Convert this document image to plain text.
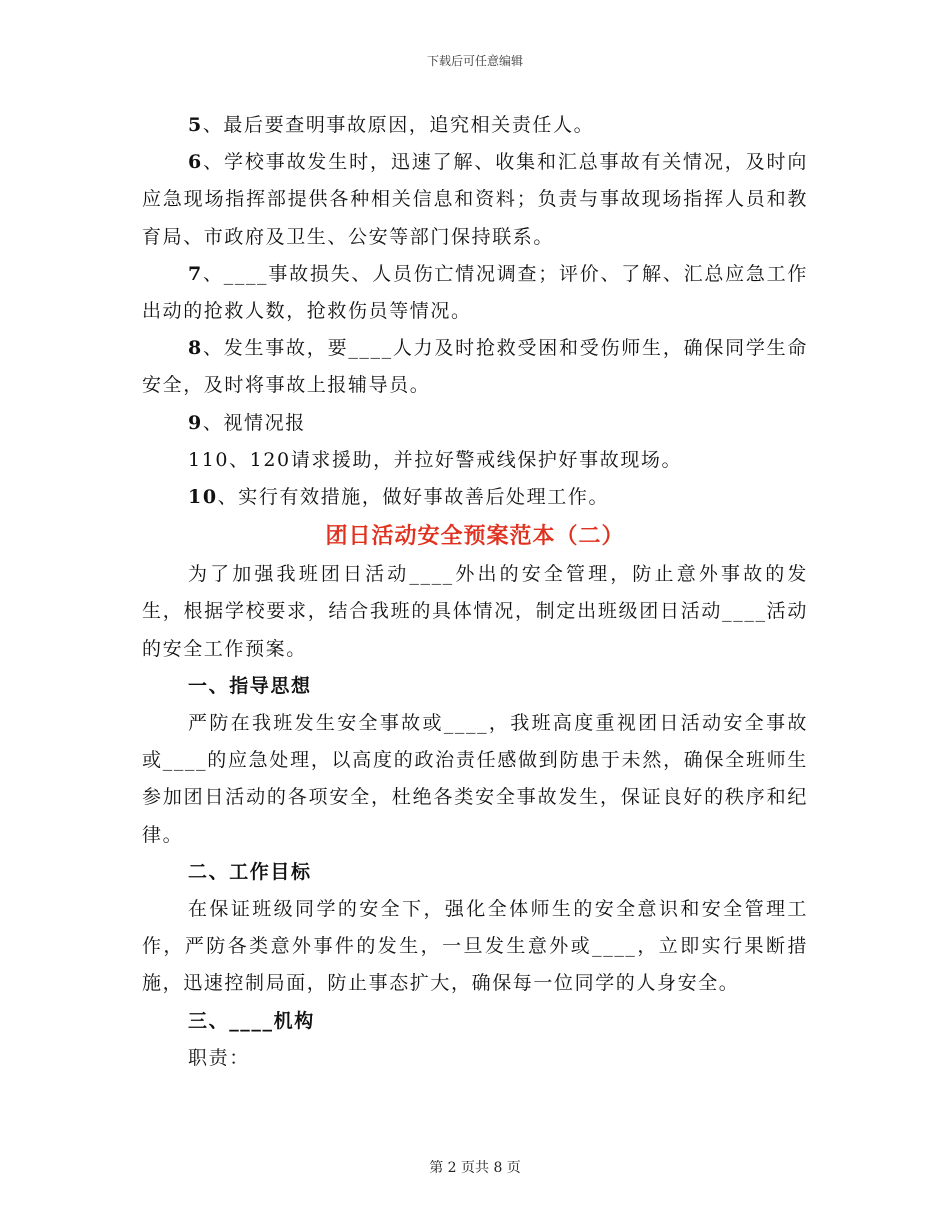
下载后可任意编辑

5、最后要查明事故原因，追究相关责任人。

6、学校事故发生时，迅速了解、收集和汇总事故有关情况，及时向应急现场指挥部提供各种相关信息和资料；负责与事故现场指挥人员和教育局、市政府及卫生、公安等部门保持联系。

7、____事故损失、人员伤亡情况调查；评价、了解、汇总应急工作出动的抢救人数，抢救伤员等情况。

8、发生事故，要____人力及时抢救受困和受伤师生，确保同学生命安全，及时将事故上报辅导员。

9、视情况报

110、120请求援助，并拉好警戒线保护好事故现场。

10、实行有效措施，做好事故善后处理工作。

团日活动安全预案范本（二）

为了加强我班团日活动____外出的安全管理，防止意外事故的发生，根据学校要求，结合我班的具体情况，制定出班级团日活动____活动的安全工作预案。

一、指导思想

严防在我班发生安全事故或____，我班高度重视团日活动安全事故或____的应急处理，以高度的政治责任感做到防患于未然，确保全班师生参加团日活动的各项安全，杜绝各类安全事故发生，保证良好的秩序和纪律。

二、工作目标

在保证班级同学的安全下，强化全体师生的安全意识和安全管理工作，严防各类意外事件的发生，一旦发生意外或____，立即实行果断措施，迅速控制局面，防止事态扩大，确保每一位同学的人身安全。

三、____机构

职责：

第 2 页共 8 页
